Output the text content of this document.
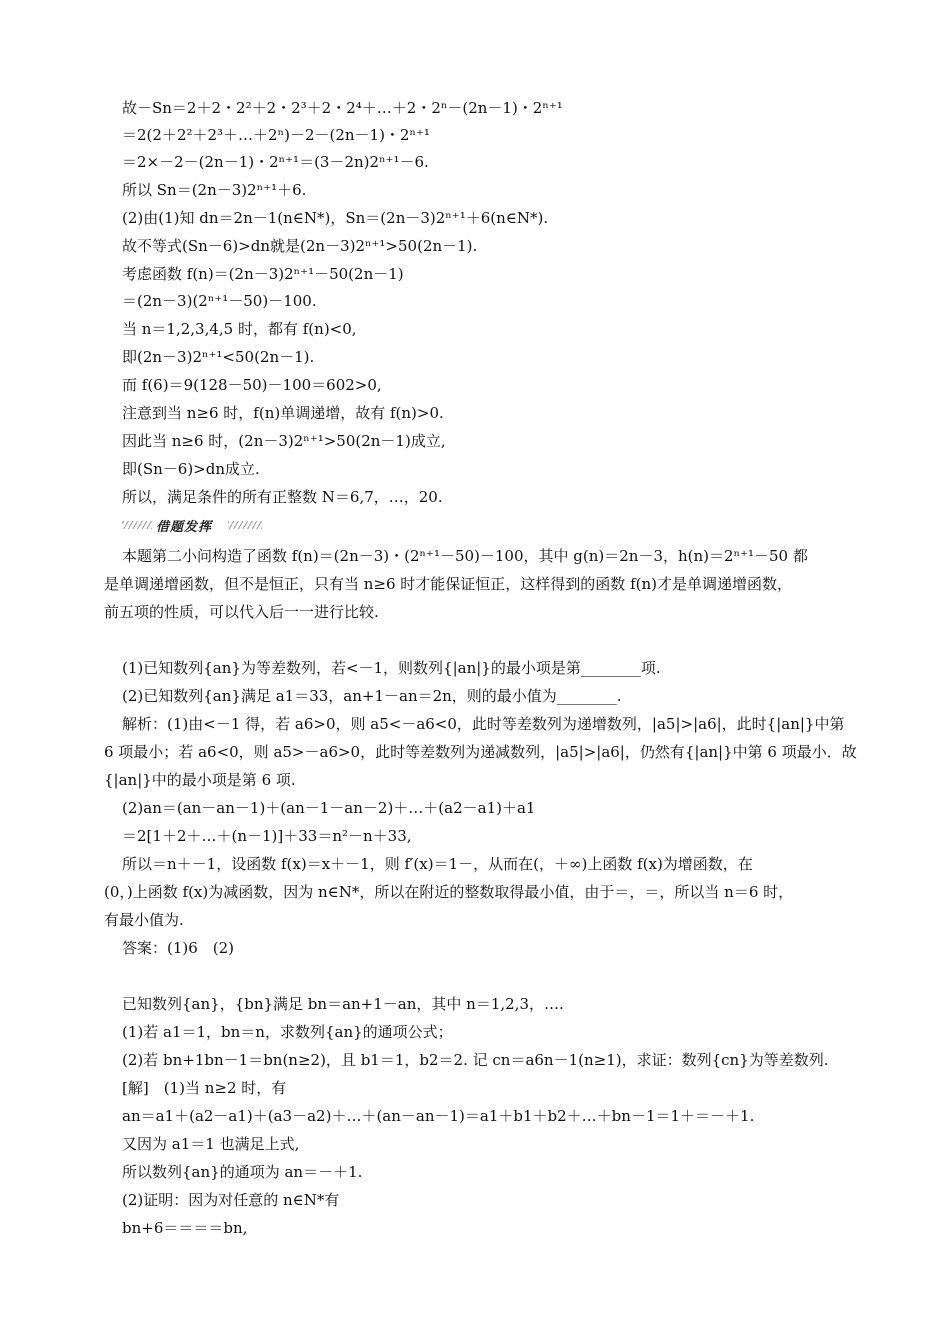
故－Sn＝2＋2・2²＋2・2³＋2・2⁴＋…＋2・2ⁿ－(2n－1)・2ⁿ⁺¹
＝2(2＋2²＋2³＋…＋2ⁿ)－2－(2n－1)・2ⁿ⁺¹
＝2×－2－(2n－1)・2ⁿ⁺¹＝(3－2n)2ⁿ⁺¹－6.
所以 Sn＝(2n－3)2ⁿ⁺¹＋6.
(2)由(1)知 dn＝2n－1(n∈N*)，Sn＝(2n－3)2ⁿ⁺¹＋6(n∈N*).
故不等式(Sn－6)>dn就是(2n－3)2ⁿ⁺¹>50(2n－1).
考虑函数 f(n)＝(2n－3)2ⁿ⁺¹－50(2n－1)
＝(2n－3)(2ⁿ⁺¹－50)－100.
当 n＝1,2,3,4,5 时，都有 f(n)<0,
即(2n－3)2ⁿ⁺¹<50(2n－1).
而 f(6)＝9(128－50)－100＝602>0,
注意到当 n≥6 时，f(n)单调递增，故有 f(n)>0.
因此当 n≥6 时，(2n－3)2ⁿ⁺¹>50(2n－1)成立,
即(Sn－6)>dn成立.
所以，满足条件的所有正整数 N＝6,7，…，20.
借题发挥
本题第二小问构造了函数 f(n)＝(2n－3)・(2ⁿ⁺¹－50)－100，其中 g(n)＝2n－3，h(n)＝2ⁿ⁺¹－50 都
是单调递增函数，但不是恒正，只有当 n≥6 时才能保证恒正，这样得到的函数 f(n)才是单调递增函数，
前五项的性质，可以代入后一一进行比较.
(1)已知数列{an}为等差数列，若<－1，则数列{|an|}的最小项是第________项.
(2)已知数列{an}满足 a1＝33，an+1－an＝2n，则的最小值为________.
解析：(1)由<－1 得，若 a6>0，则 a5<－a6<0，此时等差数列为递增数列，|a5|>|a6|，此时{|an|}中第
6 项最小；若 a6<0，则 a5>－a6>0，此时等差数列为递减数列，|a5|>|a6|，仍然有{|an|}中第 6 项最小．故
{|an|}中的最小项是第 6 项.
(2)an＝(an－an－1)＋(an－1－an－2)＋…＋(a2－a1)＋a1
＝2[1＋2＋…＋(n－1)]＋33＝n²－n＋33,
所以＝n＋－1，设函数 f(x)＝x＋－1，则 f′(x)＝1－，从而在(，＋∞)上函数 f(x)为增函数，在
(0，)上函数 f(x)为减函数，因为 n∈N*，所以在附近的整数取得最小值，由于＝，＝，所以当 n＝6 时，
有最小值为.
答案：(1)6　(2)
已知数列{an}，{bn}满足 bn＝an+1－an，其中 n＝1,2,3，….
(1)若 a1＝1，bn＝n，求数列{an}的通项公式；
(2)若 bn+1bn－1＝bn(n≥2)，且 b1＝1，b2＝2. 记 cn＝a6n－1(n≥1)，求证：数列{cn}为等差数列.
[解]　(1)当 n≥2 时，有
an＝a1＋(a2－a1)＋(a3－a2)＋…＋(an－an－1)＝a1＋b1＋b2＋…＋bn－1＝1＋＝－＋1.
又因为 a1＝1 也满足上式,
所以数列{an}的通项为 an＝－＋1.
(2)证明：因为对任意的 n∈N*有
bn+6＝＝＝＝bn,
